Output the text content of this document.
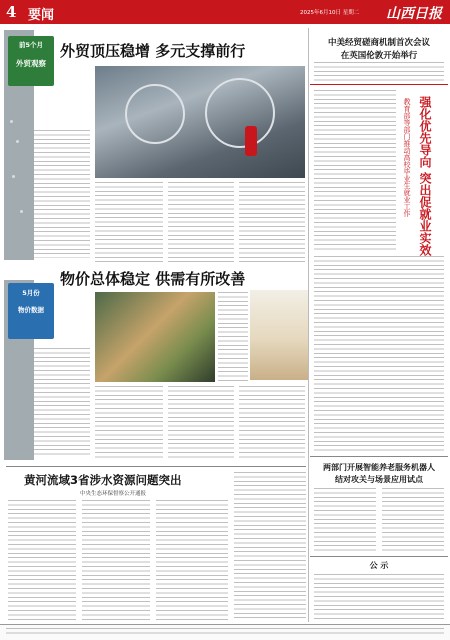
4 要闻	2025年6月10日 星期二 山西日报
前5个月
外贸观察
外贸顶压稳增 多元支撑前行
5月份
物价数据
物价总体稳定 供需有所改善
黄河流域3省涉水资源问题突出
中央生态环保督察公开通报
中美经贸磋商机制首次会议
在英国伦敦开始举行
强化优先导向 突出促就业实效
教育部等部门推动高校毕业生就业工作
两部门开展智能养老服务机器人
结对攻关与场景应用试点
公 示
